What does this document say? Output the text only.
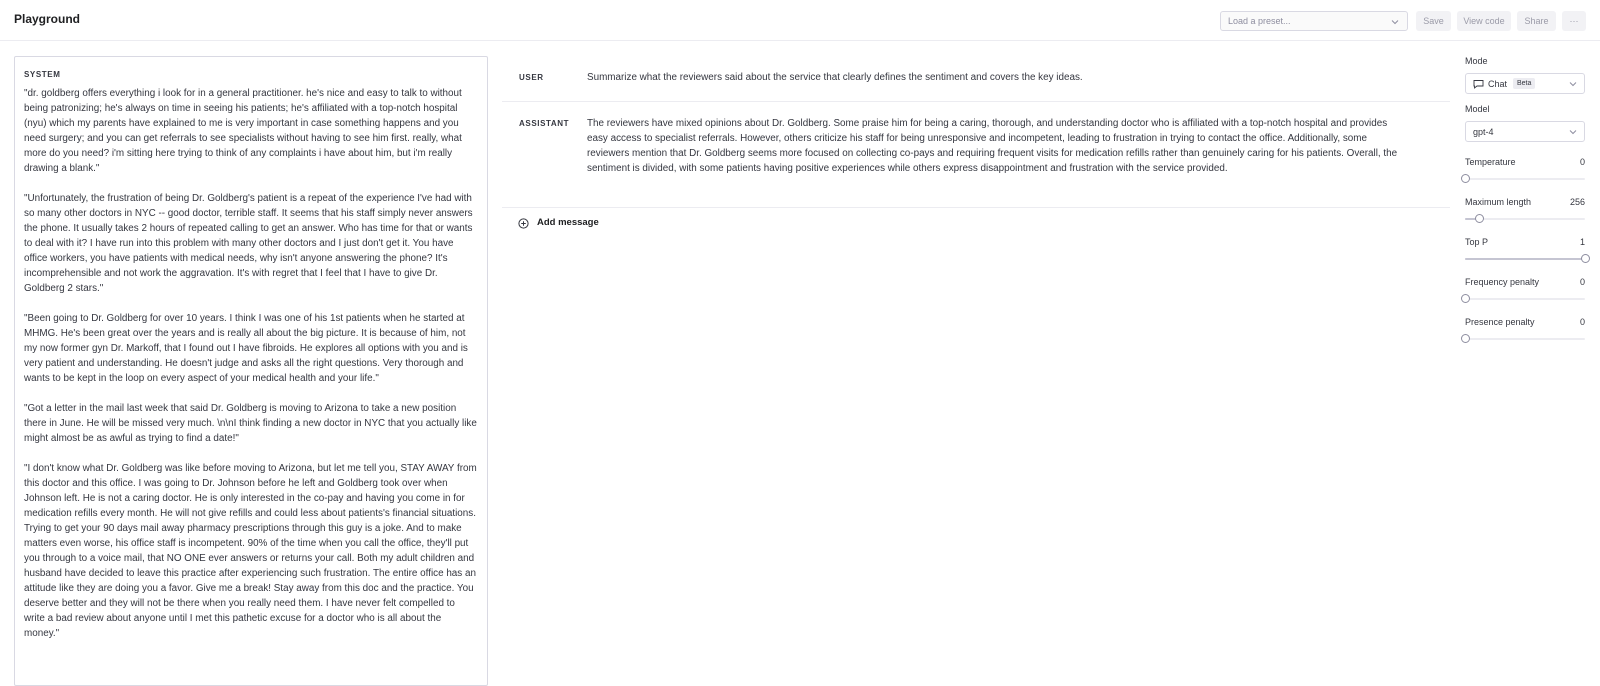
Playground	Load a preset...	Save	View code	Share	···
SYSTEM
"dr. goldberg offers everything i look for in a general practitioner. he's nice and easy to talk to without being patronizing; he's always on time in seeing his patients; he's affiliated with a top-notch hospital (nyu) which my parents have explained to me is very important in case something happens and you need surgery; and you can get referrals to see specialists without having to see him first. really, what more do you need? i'm sitting here trying to think of any complaints i have about him, but i'm really drawing a blank."

"Unfortunately, the frustration of being Dr. Goldberg's patient is a repeat of the experience I've had with so many other doctors in NYC -- good doctor, terrible staff. It seems that his staff simply never answers the phone. It usually takes 2 hours of repeated calling to get an answer. Who has time for that or wants to deal with it? I have run into this problem with many other doctors and I just don't get it. You have office workers, you have patients with medical needs, why isn't anyone answering the phone? It's incomprehensible and not work the aggravation. It's with regret that I feel that I have to give Dr. Goldberg 2 stars."

"Been going to Dr. Goldberg for over 10 years. I think I was one of his 1st patients when he started at MHMG. He's been great over the years and is really all about the big picture. It is because of him, not my now former gyn Dr. Markoff, that I found out I have fibroids. He explores all options with you and is very patient and understanding. He doesn't judge and asks all the right questions. Very thorough and wants to be kept in the loop on every aspect of your medical health and your life."

"Got a letter in the mail last week that said Dr. Goldberg is moving to Arizona to take a new position there in June. He will be missed very much. \n\nI think finding a new doctor in NYC that you actually like might almost be as awful as trying to find a date!"

"I don't know what Dr. Goldberg was like before moving to Arizona, but let me tell you, STAY AWAY from this doctor and this office. I was going to Dr. Johnson before he left and Goldberg took over when Johnson left. He is not a caring doctor. He is only interested in the co-pay and having you come in for medication refills every month. He will not give refills and could less about patients's financial situations. Trying to get your 90 days mail away pharmacy prescriptions through this guy is a joke. And to make matters even worse, his office staff is incompetent. 90% of the time when you call the office, they'll put you through to a voice mail, that NO ONE ever answers or returns your call. Both my adult children and husband have decided to leave this practice after experiencing such frustration. The entire office has an attitude like they are doing you a favor. Give me a break! Stay away from this doc and the practice. You deserve better and they will not be there when you really need them. I have never felt compelled to write a bad review about anyone until I met this pathetic excuse for a doctor who is all about the money."
USER	Summarize what the reviewers said about the service that clearly defines the sentiment and covers the key ideas.
ASSISTANT The reviewers have mixed opinions about Dr. Goldberg. Some praise him for being a caring, thorough, and understanding doctor who is affiliated with a top-notch hospital and provides easy access to specialist referrals. However, others criticize his staff for being unresponsive and incompetent, leading to frustration in trying to contact the office. Additionally, some reviewers mention that Dr. Goldberg seems more focused on collecting co-pays and requiring frequent visits for medication refills rather than genuinely caring for his patients. Overall, the sentiment is divided, with some patients having positive experiences while others express disappointment and frustration with the service provided.
Add message
Mode
Chat	Beta
Model
gpt-4
Temperature	0
Maximum length	256
Top P	1
Frequency penalty	0
Presence penalty	0
